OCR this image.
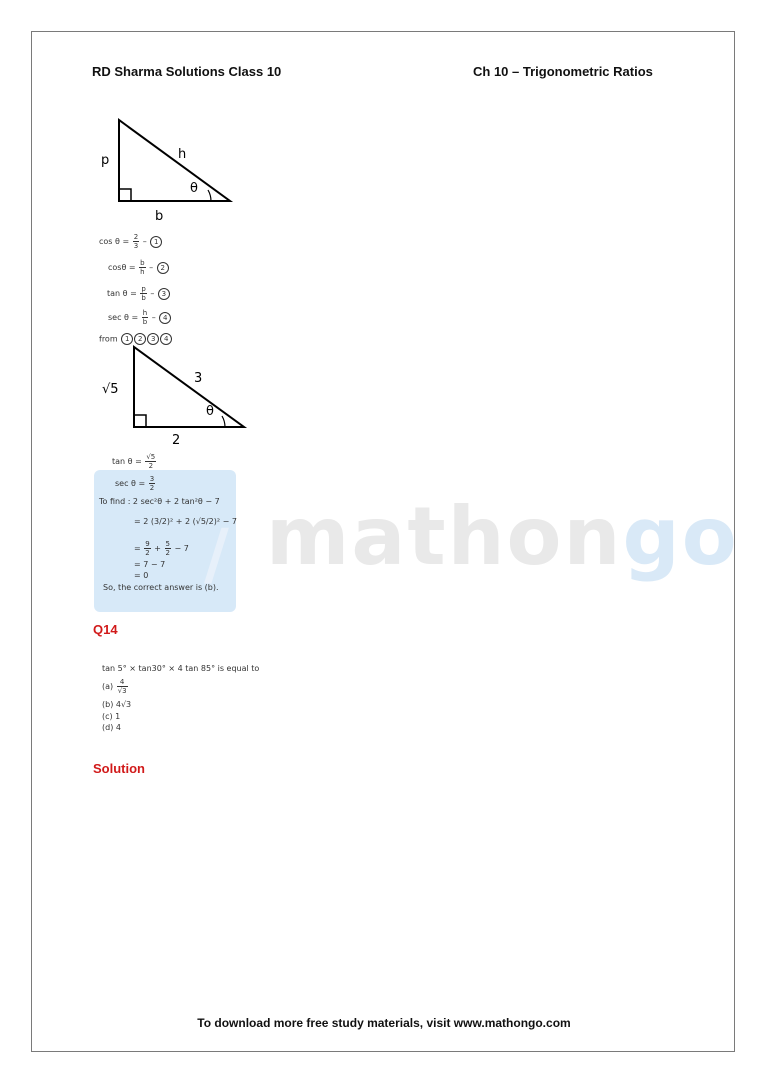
RD Sharma Solutions Class 10	Ch 10 – Trigonometric Ratios
/ mathongo
p	h
b
θ
$\cos \theta = \frac{2}{3} - 1$
$\cos\theta = \frac{b}{h} - 2$
$\tan \theta = \frac{p}{b} - 3$
$\sec \theta = \frac{h}{b} - 4$
from 1 2 3 4
√5
3
2
θ
$\tan \theta = \frac{√5}{2}$
$\sec \theta = \frac{3}{2}$
To find : 2 sec²θ + 2 tan²θ − 7
= 2 (3/2)² + 2 (√5/2)² − 7
= $\frac{9}{2} + \frac{5}{2} - 7$
= 7 − 7
= 0
So, the correct answer is (b).
Q14
tan 5° × tan30° × 4 tan 85° is equal to
$(a) \frac{4}{√3}$
(b) 4√3
(c) 1
(d) 4
Solution
To download more free study materials, visit www.mathongo.com
